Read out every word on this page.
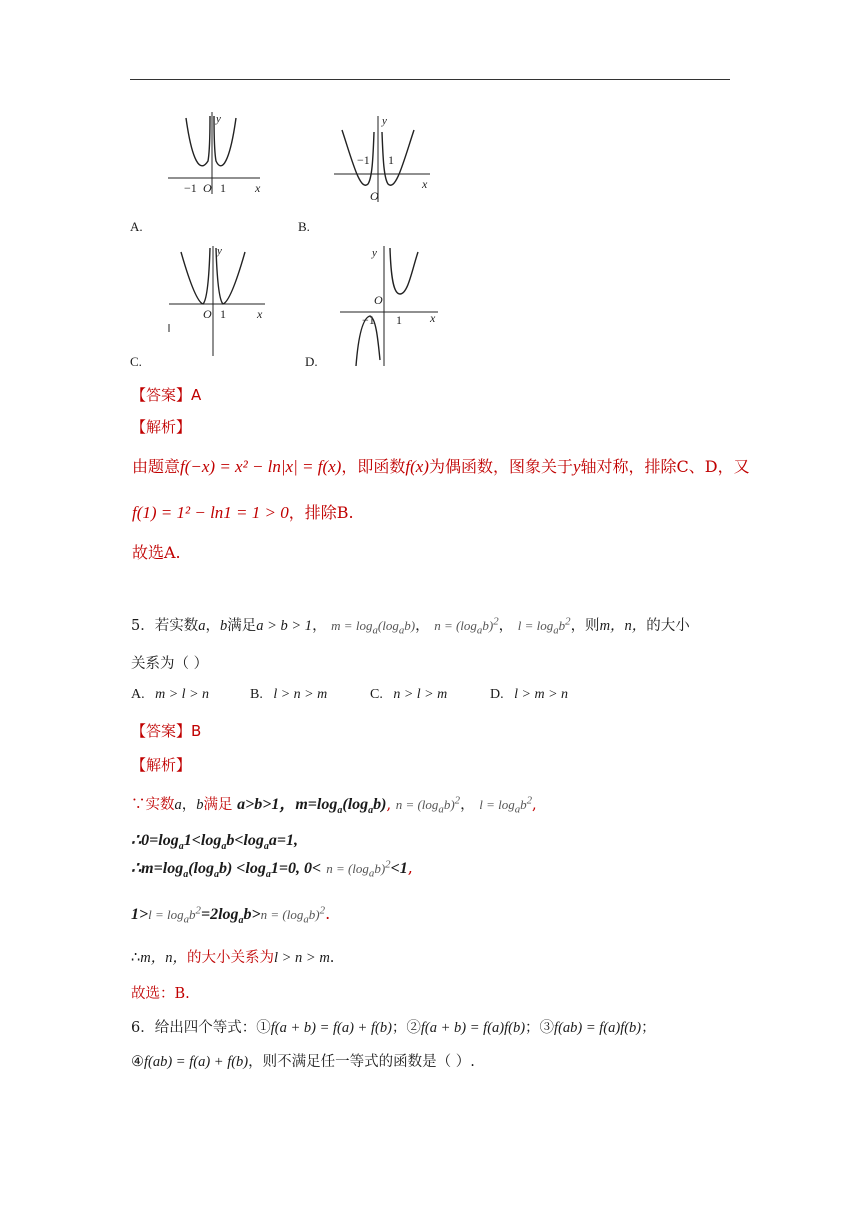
y
x
−1 O 1
A.
y
x
−1 1
O
B.
y
x
O 1
C.
y
x
O
−1 1
D.
【答案】A
【解析】
由题意f(−x) = x² − ln|x| = f(x)，即函数f(x)为偶函数，图象关于y轴对称，排除C、D，又
f(1) = 1² − ln1 = 1 > 0，排除B.
故选A.
5．若实数a，b满足a > b > 1， $m = \log_a(\log_ab)$， $n = (\log_ab)^2$， $l = \log_ab^2$，则m，n，的大小
关系为（ ）
A. m > l > n	B. l > n > m	C. n > l > m	D. l > m > n
【答案】B
【解析】
∵实数a，b满足 a>b>1，$m=\log_a(\log_ab)$, $n = (\log_ab)^2$， $l = \log_ab^2$,
$\therefore 0=\log_a1<\log_ab<\log_aa=1$,
$\therefore m=\log_a(\log_ab) <\log_a1=0$, $0< n = (\log_ab)^2<1$,
$1>l = \log_ab^2=2\log_ab>n = (\log_ab)^2$.
∴m，n，的大小关系为l > n > m.
故选：B.
6．给出四个等式：①f(a + b) = f(a) + f(b)；②f(a + b) = f(a)f(b)；③f(ab) = f(a)f(b)；
④f(ab) = f(a) + f(b)，则不满足任一等式的函数是（ ）.
